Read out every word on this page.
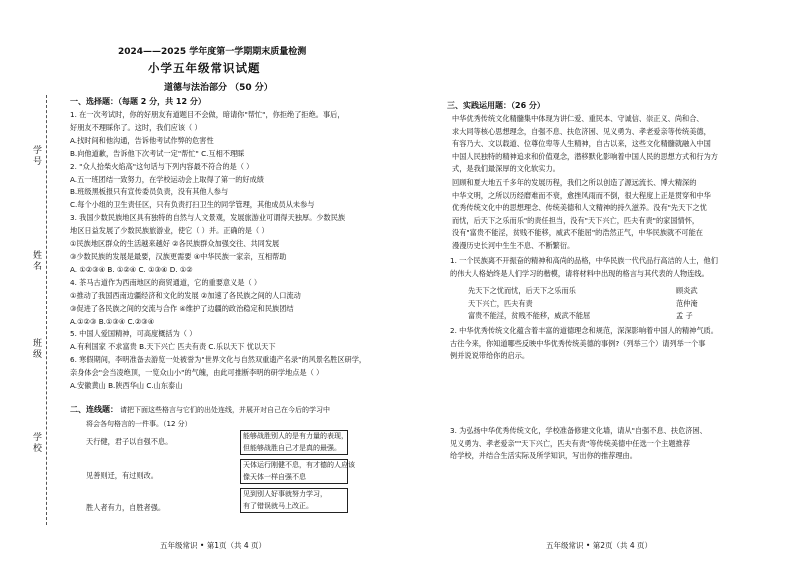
学号
姓名
班级
学校
2024——2025 学年度第一学期期末质量检测
小学五年级常识试题
道德与法治部分 （50 分）
一、选择题：（每题 2 分，共 12 分）
1. 在一次考试时，你的好朋友有道题目不会做，暗请你"帮忙"，你拒绝了拒绝。事后，
好朋友不理睬你了。这时，我们应该（ ）
A.找时间和他沟通，告诉他考试作弊的危害性
B.向他道歉，告诉他下次考试一定"帮忙" C.互相不理睬
2. "众人拾柴火焰高"这句话与下列内容最不符合的是（ ）
A.五一班团结一致努力，在学校运动会上取得了第一的好成绩
B.班级黑板报只有宣传委员负责，没有其他人参与
C.每个小组的卫生责任区，只有负责打扫卫生的同学管理，其他成员从未参与
3. 我国少数民族地区具有独特的自然与人文景观，发展旅游业可谓得天独厚。少数民族
地区日益发展了少数民族旅游业，使它（ ）并。正确的是（ ）
①民族地区群众的生活越来越好 ②各民族群众加强交往、共同发展
③少数民族的发展是最要，汉族更需要 ④中华民族一家亲，互相帮助
A. ①②③④ B. ①②④ C. ①③④ D. ①②
4. 茶马古道作为西南地区的商贸通道，它的重要意义是（ ）
①推动了我国西南边疆经济和文化的发展 ②加速了各民族之间的人口流动
③促进了各民族之间的交流与合作 ④维护了边疆的政治稳定和民族团结
A.①②③ B.①③④ C.②③④
5. 中国人爱国精神，可高度概括为（ ）
A.有利国家 不求富贵 B.天下兴亡 匹夫有责 C.乐以天下 忧以天下
6. 寒假期间，李明准备去游览一处被誉为"世界文化与自然双重遗产名录"的风景名胜区研学，
亲身体会"会当凌绝顶，一览众山小"的气魄，由此可推断李明的研学地点是（ ）
A.安徽黄山 B.陕西华山 C.山东泰山
二、连线题： 请把下面这些格言与它们的出处连线，并展开对自己在今后的学习中
将会各句格言的一件事。（12 分）
天行健，君子以自强不息。
见善则迁，有过则改。
胜人者有力，自胜者强。
能够战胜别人的是有力量的表现，
但能够战胜自己才是真的最强。
天体运行刚健不息，有才德的人应该
像天体一样自强不息
见到别人好事就努力学习，
有了错误就马上改正。
五年级常识 • 第1页（共 4 页）
三、实践运用题：（26 分）
中华优秀传统文化精髓集中体现为讲仁爱、重民本、守诚信、崇正义、尚和合、
求大同等核心思想理念，自强不息、扶危济困、见义勇为、孝老爱亲等传统美德，
有容乃大、文以载道、位尊位卑等人生精神，自古以来，这些文化精髓就融入中国
中国人民独特的精神追求和价值观念，潜移默化影响着中国人民的思想方式和行为方
式，是我们最深厚的文化软实力。
回顾和夏大地五千多年的发展历程，我们之所以创造了源远流长、博大精深的
中华文明，之所以历经磨难而不衰，愈挫风雨而不倒，很大程度上正是贯穿和中华
优秀传统文化中的思想理念、传统美德和人文精神的持久滋养。没有"先天下之忧
而忧，后天下之乐而乐"的责任担当，没有"天下兴亡，匹夫有责"的家国情怀，
没有"富贵不能淫，贫贱不能移，威武不能屈"的浩然正气，中华民族就不可能在
漫漫历史长河中生生不息、不断繁衍。
1. 一个民族离不开振奋的精神和高尚的品格，中华民族一代代品行高洁的人士，他们
的伟大人格始终是人们学习的楷模，请将材料中出现的格言与其代表的人物连线。
先天下之忧而忧，后天下之乐而乐
天下兴亡，匹夫有责
富贵不能淫，贫贱不能移，威武不能屈
顾炎武
范仲淹
孟 子
2. 中华优秀传统文化蕴含着丰富的道德理念和规范，深深影响着中国人的精神气质。
古往今来，你知道哪些反映中华优秀传统美德的事例?（列举三个）请列举一个事
例并说说带给你的启示。
3. 为弘扬中华优秀传统文化，学校准备修建文化墙，请从"自强不息、扶危济困、
见义勇为、孝老爱亲""天下兴亡，匹夫有责"等传统美德中任选一个主题推荐
给学校，并结合生活实际及所学知识，写出你的推荐理由。
五年级常识 • 第2页（共 4 页）
